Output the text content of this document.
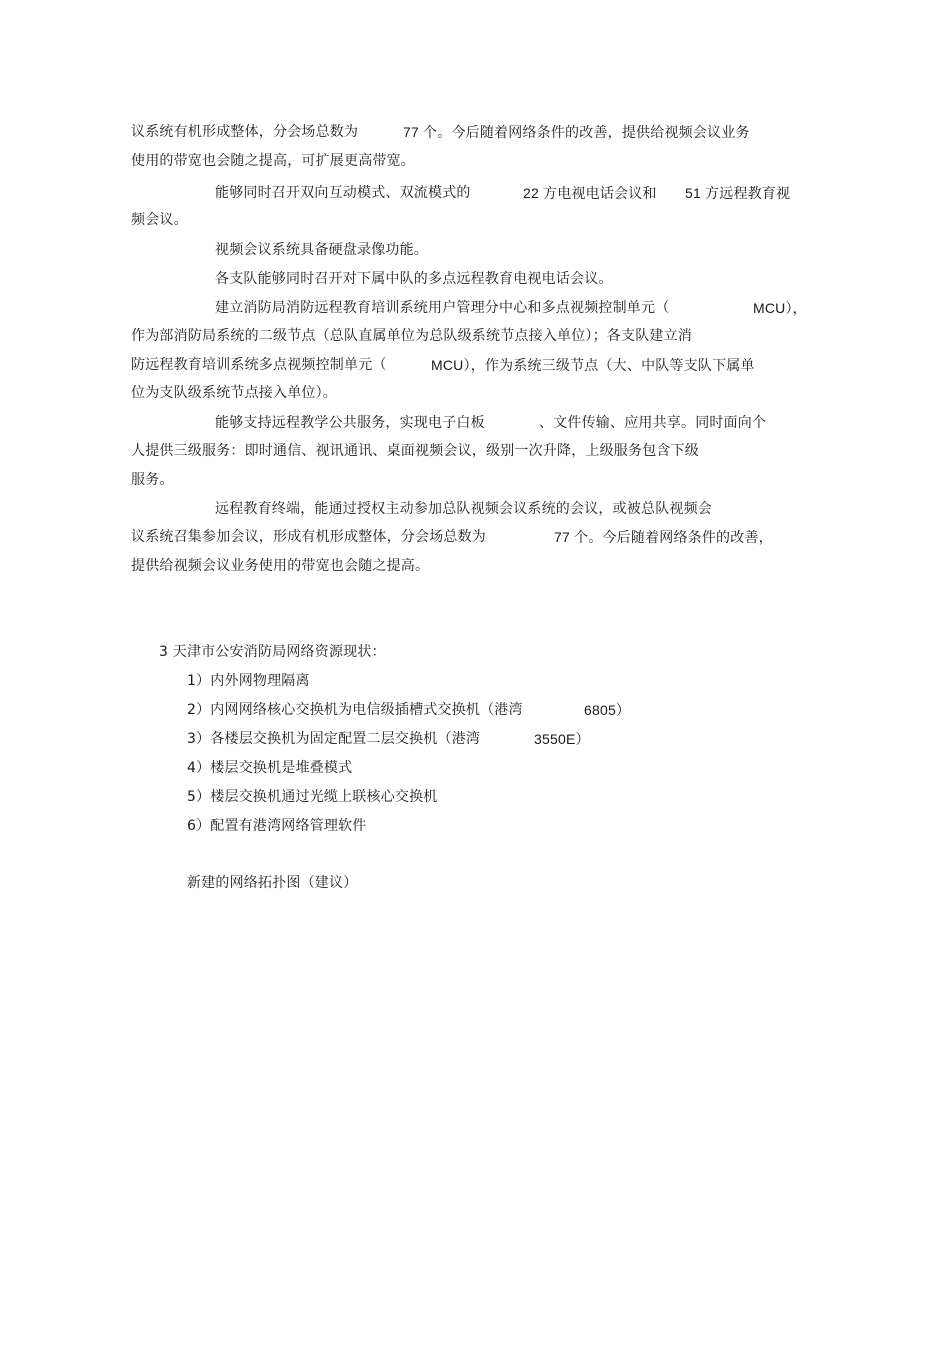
议系统有机形成整体，分会场总数为

	77 个。今后随着网络条件的改善，提供给视频会议业务

使用的带宽也会随之提高，可扩展更高带宽。

能够同时召开双向互动模式、双流模式的

	22 方电视电话会议和

51 方远程教育视

频会议。
视频会议系统具备硬盘录像功能。
各支队能够同时召开对下属中队的多点远程教育电视电话会议。

建立消防局消防远程教育培训系统用户管理分中心和多点视频控制单元（

	MCU），

作为部消防局系统的二级节点（总队直属单位为总队级系统节点接入单位）；各支队建立消

防远程教育培训系统多点视频控制单元（

	MCU），作为系统三级节点（大、中队等支队下属单

位为支队级系统节点接入单位）。

能够支持远程教学公共服务，实现电子白板

	、文件传输、应用共享。同时面向个

人提供三级服务：即时通信、视讯通讯、桌面视频会议，级别一次升降，上级服务包含下级
服务。
远程教育终端，能通过授权主动参加总队视频会议系统的会议，或被总队视频会

议系统召集参加会议，形成有机形成整体，分会场总数为

	77 个。今后随着网络条件的改善，

提供给视频会议业务使用的带宽也会随之提高。
3 天津市公安消防局网络资源现状：
1）内外网物理隔离

2）内网网络核心交换机为电信级插槽式交换机（港湾

	6805）

3）各楼层交换机为固定配置二层交换机（港湾

	3550E）

4）楼层交换机是堆叠模式
5）楼层交换机通过光缆上联核心交换机
6）配置有港湾网络管理软件
新建的网络拓扑图（建议）
